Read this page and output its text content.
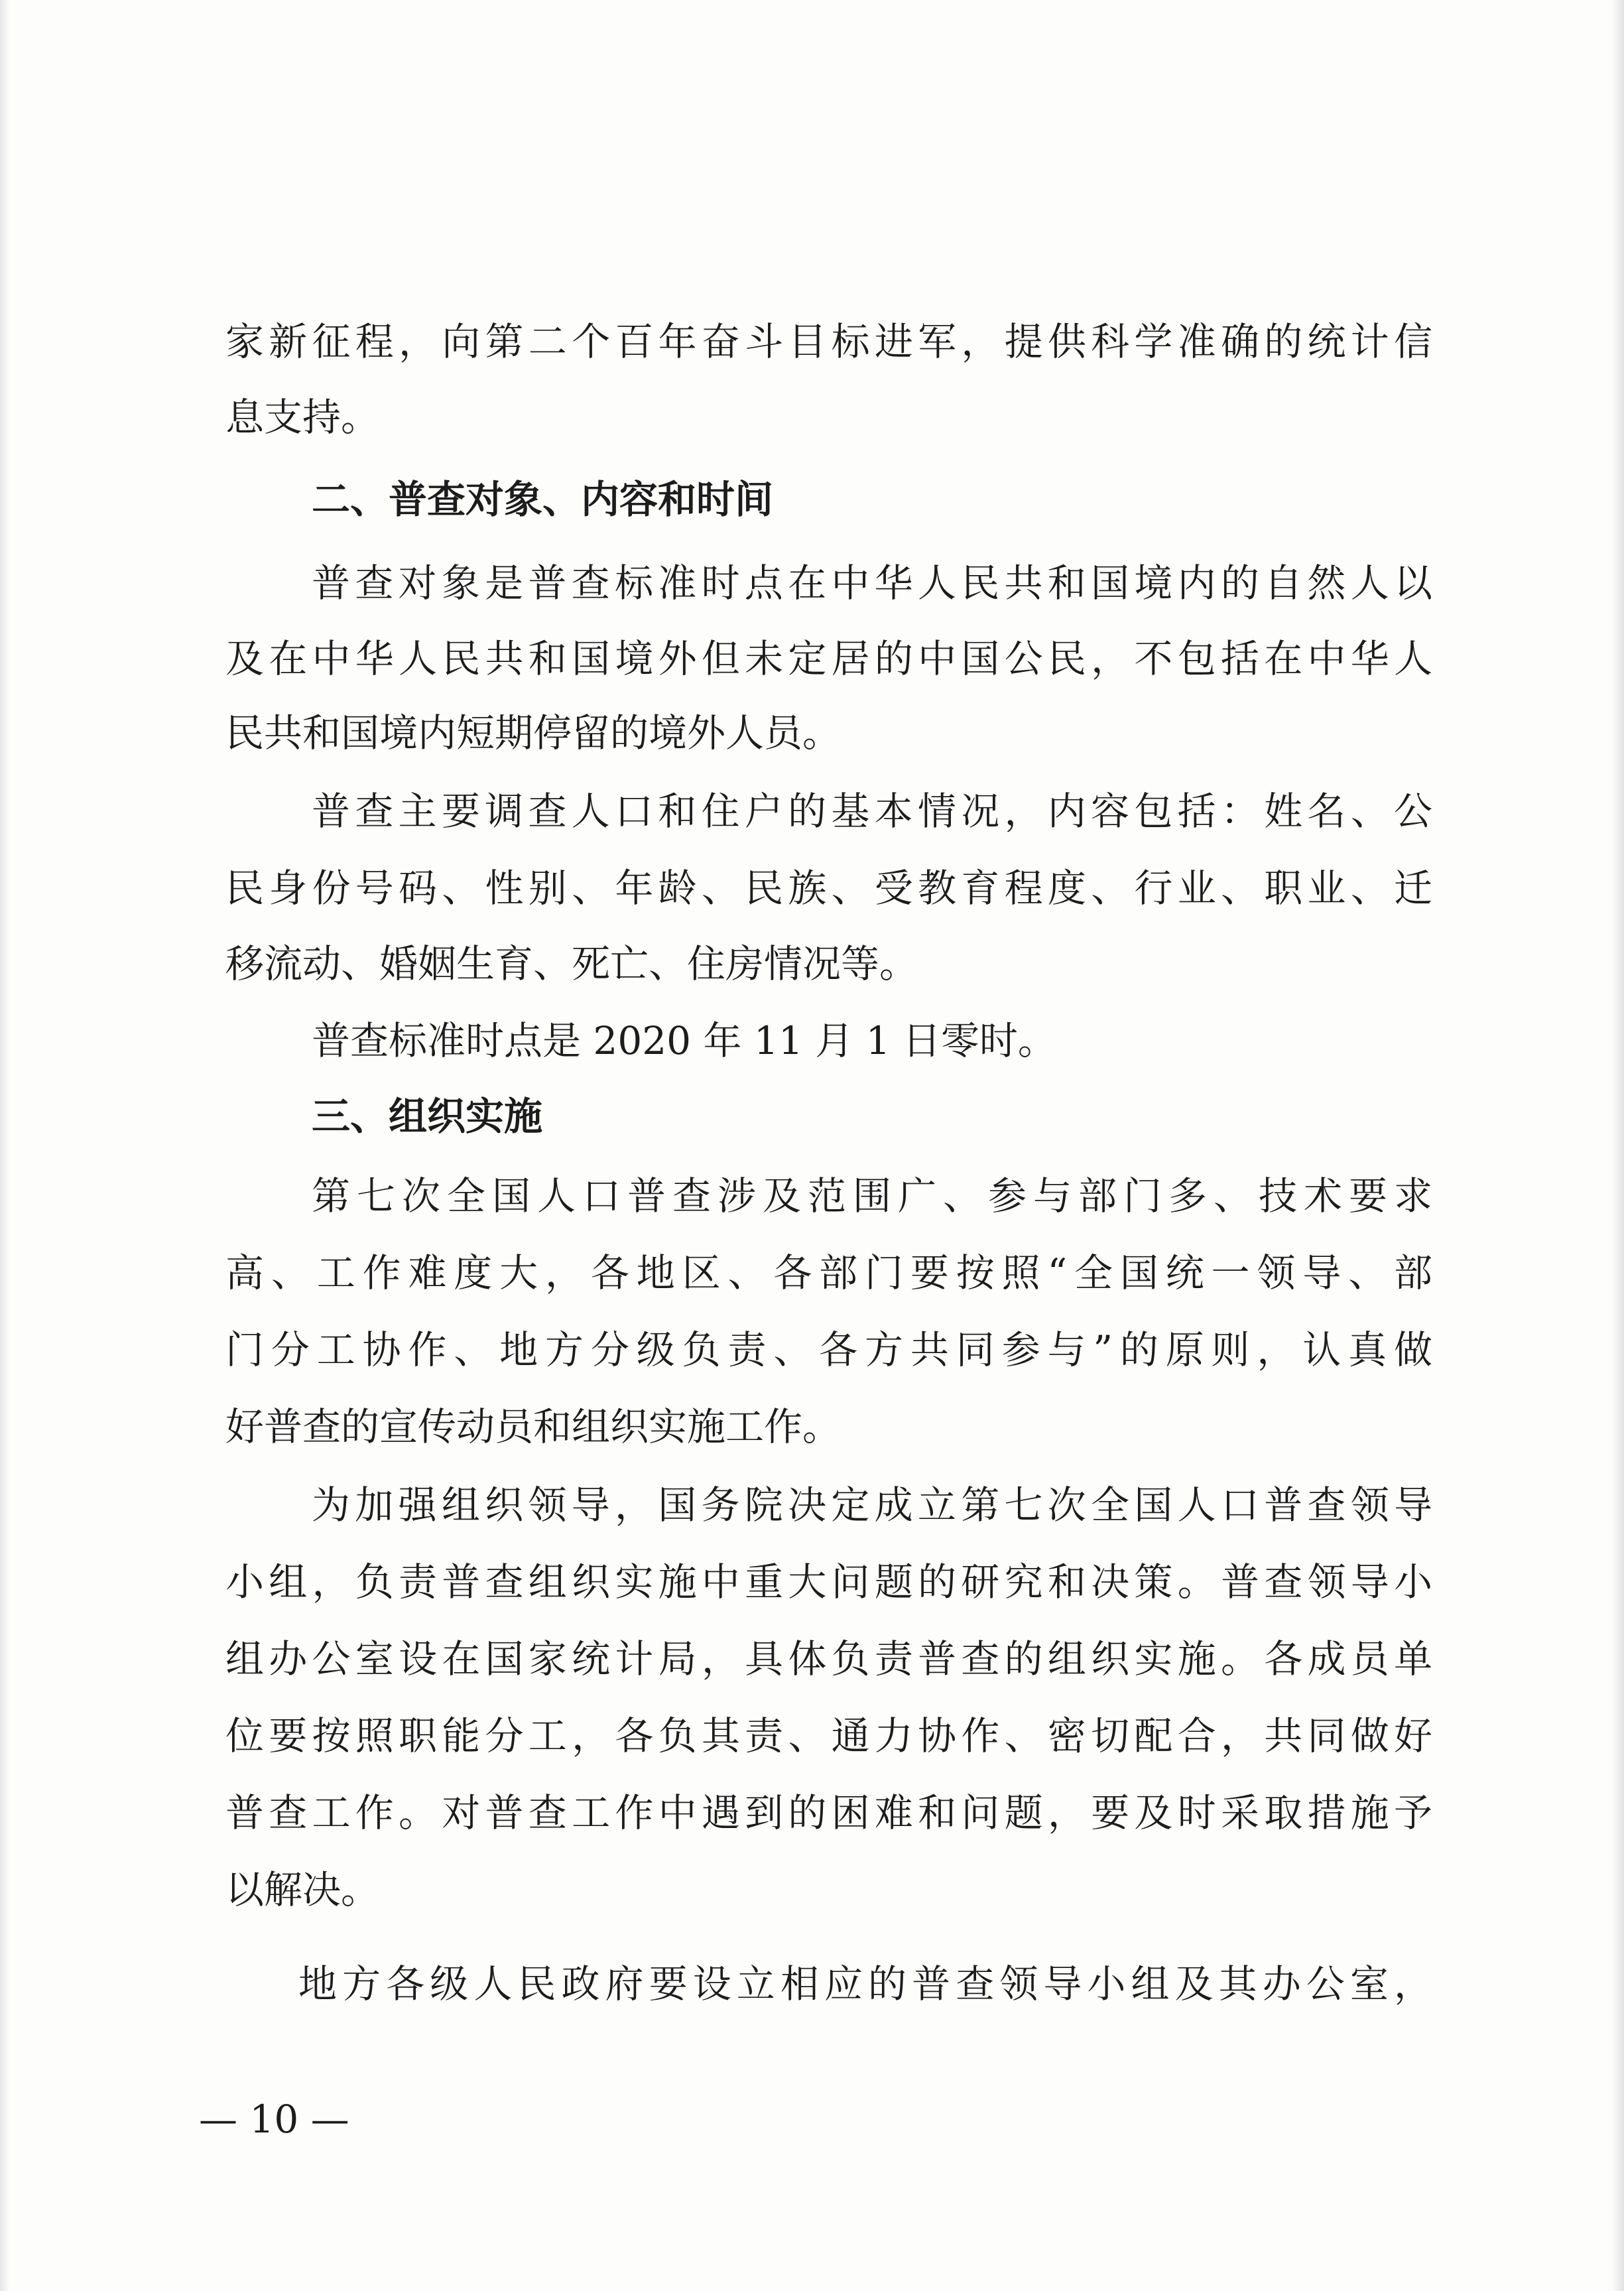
家新征程，向第二个百年奋斗目标进军，提供科学准确的统计信
息支持。
二、普查对象、内容和时间
普查对象是普查标准时点在中华人民共和国境内的自然人以
及在中华人民共和国境外但未定居的中国公民，不包括在中华人
民共和国境内短期停留的境外人员。
普查主要调查人口和住户的基本情况，内容包括：姓名、公
民身份号码、性别、年龄、民族、受教育程度、行业、职业、迁
移流动、婚姻生育、死亡、住房情况等。
普查标准时点是 2020 年 11 月 1 日零时。
三、组织实施
第七次全国人口普查涉及范围广、参与部门多、技术要求
高、工作难度大，各地区、各部门要按照“全国统一领导、部
门分工协作、地方分级负责、各方共同参与”的原则，认真做
好普查的宣传动员和组织实施工作。
为加强组织领导，国务院决定成立第七次全国人口普查领导
小组，负责普查组织实施中重大问题的研究和决策。普查领导小
组办公室设在国家统计局，具体负责普查的组织实施。各成员单
位要按照职能分工，各负其责、通力协作、密切配合，共同做好
普查工作。对普查工作中遇到的困难和问题，要及时采取措施予
以解决。
地方各级人民政府要设立相应的普查领导小组及其办公室，
— 10 —
